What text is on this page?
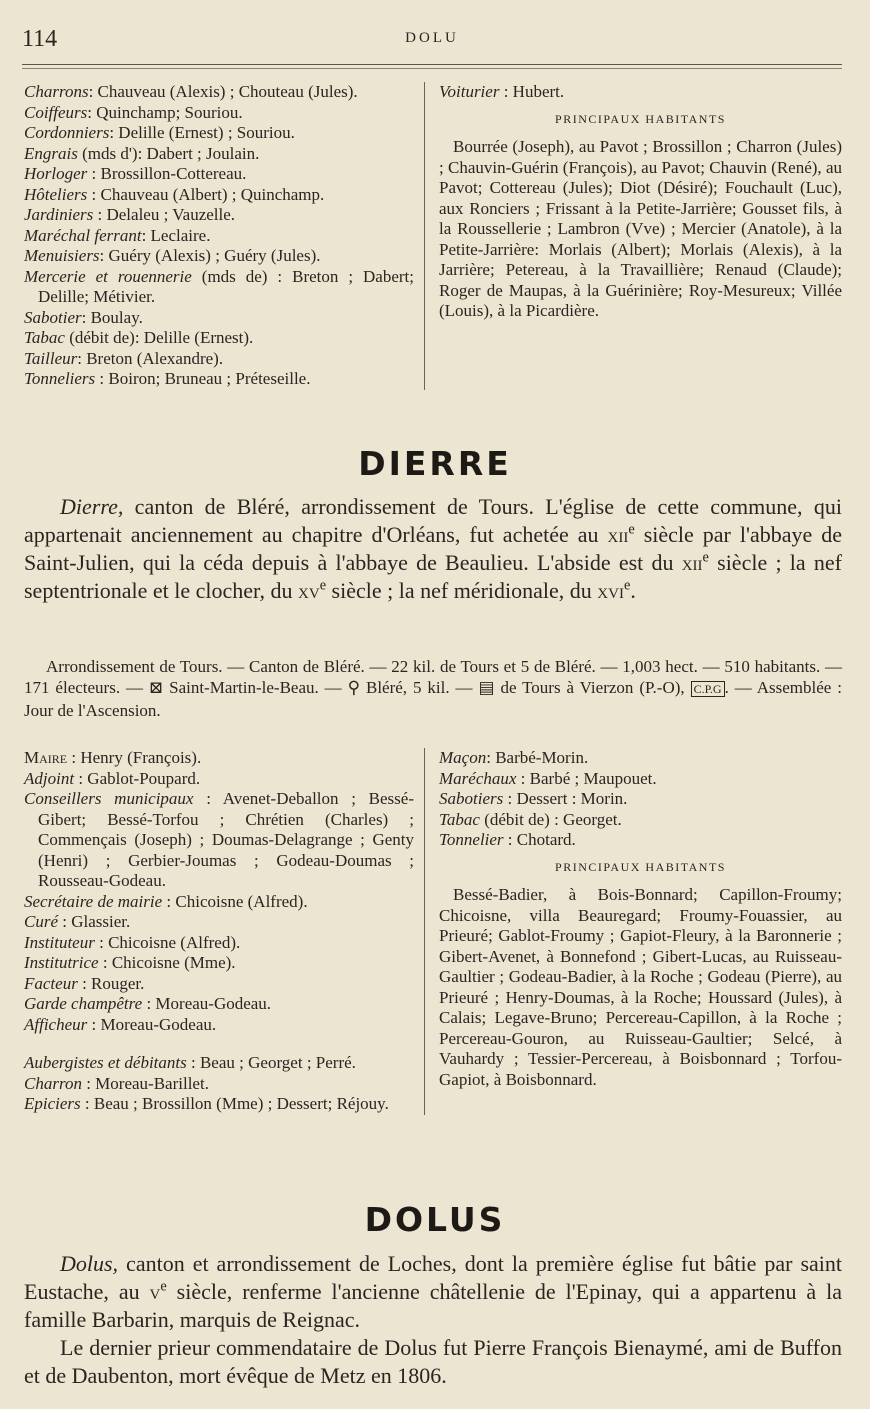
114	DOLU

Charrons: Chauveau (Alexis) ; Chouteau (Jules).

Coiffeurs: Quinchamp; Souriou.

Cordonniers: Delille (Ernest) ; Souriou.

Engrais (mds d'): Dabert ; Joulain.

Horloger : Brossillon-Cottereau.

Hôteliers : Chauveau (Albert) ; Quinchamp.

Jardiniers : Delaleu ; Vauzelle.

Maréchal ferrant: Leclaire.

Menuisiers: Guéry (Alexis) ; Guéry (Jules).

Mercerie et rouennerie (mds de) : Breton ; Dabert; Delille; Métivier.

Sabotier: Boulay.

Tabac (débit de): Delille (Ernest).

Tailleur: Breton (Alexandre).

Tonneliers : Boiron; Bruneau ; Préteseille.

Voiturier : Hubert.

PRINCIPAUX HABITANTS

Bourrée (Joseph), au Pavot ; Brossillon ; Charron (Jules) ; Chauvin-Guérin (François), au Pavot; Chauvin (René), au Pavot; Cottereau (Jules); Diot (Désiré); Fouchault (Luc), aux Ronciers ; Frissant à la Petite-Jarrière; Gousset fils, à la Roussellerie ; Lambron (Vve) ; Mercier (Anatole), à la Petite-Jarrière: Morlais (Albert); Morlais (Alexis), à la Jarrière; Petereau, à la Travaillière; Renaud (Claude); Roger de Maupas, à la Guérinière; Roy-Mesureux; Villée (Louis), à la Picardière.

DIERRE
Dierre, canton de Bléré, arrondissement de Tours. L'église de cette commune, qui appartenait anciennement au chapitre d'Orléans, fut achetée au xii$^e$ siècle par l'abbaye de Saint-Julien, qui la céda depuis à l'abbaye de Beaulieu. L'abside est du xii$^e$ siècle ; la nef septentrionale et le clocher, du $xv^e$ siècle ; la nef méridionale, du xvi$^e$.
Arrondissement de Tours. — Canton de Bléré. — 22 kil. de Tours et 5 de Bléré. — 1,003 hect. — 510 habitants. — 171 électeurs. — ⊠ Saint-Martin-le-Beau. — ⚲ Bléré, 5 kil. — ▤ de Tours à Vierzon (P.-O), C.P.G . — Assemblée : Jour de l'Ascension.

Maire : Henry (François).

Adjoint : Gablot-Poupard.

Conseillers municipaux : Avenet-Deballon ; Bessé-Gibert; Bessé-Torfou ; Chrétien (Charles) ; Commençais (Joseph) ; Doumas-Delagrange ; Genty (Henri) ; Gerbier-Joumas ; Godeau-Doumas ; Rousseau-Godeau.

Secrétaire de mairie : Chicoisne (Alfred).

Curé : Glassier.

Instituteur : Chicoisne (Alfred).

Institutrice : Chicoisne (Mme).

Facteur : Rouger.

Garde champêtre : Moreau-Godeau.

Afficheur : Moreau-Godeau.

Aubergistes et débitants : Beau ; Georget ; Perré.

Charron : Moreau-Barillet.

Epiciers : Beau ; Brossillon (Mme) ; Dessert; Réjouy.

Maçon: Barbé-Morin.

Maréchaux : Barbé ; Maupouet.

Sabotiers : Dessert : Morin.

Tabac (débit de) : Georget.

Tonnelier : Chotard.

PRINCIPAUX HABITANTS

Bessé-Badier, à Bois-Bonnard; Capillon-Froumy; Chicoisne, villa Beauregard; Froumy-Fouassier, au Prieuré; Gablot-Froumy ; Gapiot-Fleury, à la Baronnerie ; Gibert-Avenet, à Bonnefond ; Gibert-Lucas, au Ruisseau-Gaultier ; Godeau-Badier, à la Roche ; Godeau (Pierre), au Prieuré ; Henry-Doumas, à la Roche; Houssard (Jules), à Calais; Legave-Bruno; Percereau-Capillon, à la Roche ; Percereau-Gouron, au Ruisseau-Gaultier; Selcé, à Vauhardy ; Tessier-Percereau, à Boisbonnard ; Torfou-Gapiot, à Boisbonnard.

DOLUS

Dolus, canton et arrondissement de Loches, dont la première église fut bâtie par saint Eustache, au $v^e$ siècle, renferme l'ancienne châtellenie de l'Epinay, qui a appartenu à la famille Barbarin, marquis de Reignac.

Le dernier prieur commendataire de Dolus fut Pierre François Bienaymé, ami de Buffon et de Daubenton, mort évêque de Metz en 1806.
